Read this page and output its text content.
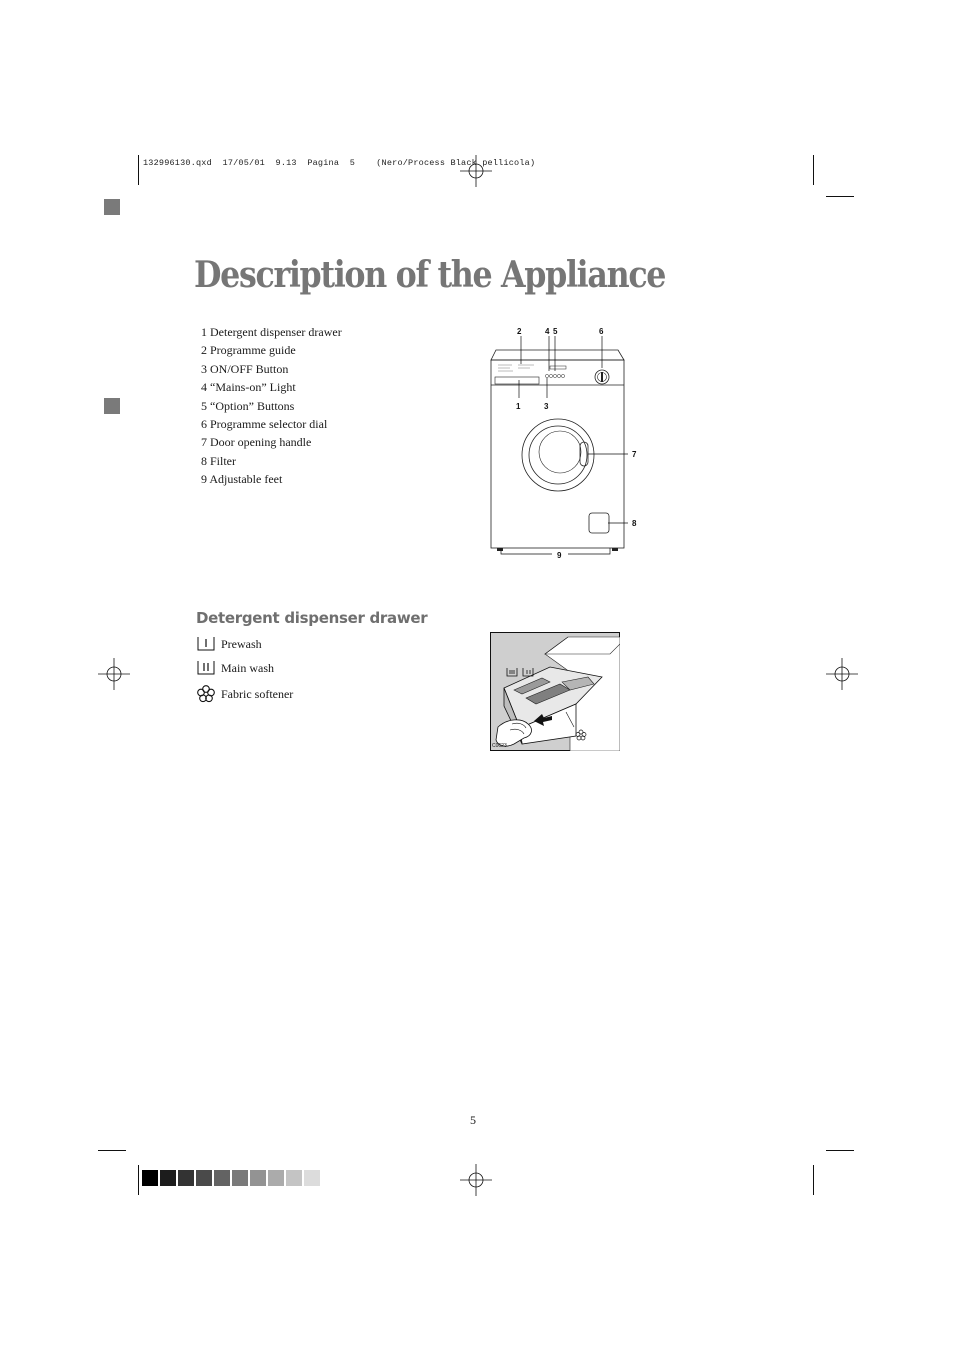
132996130.qxd  17/05/01  9.13  Pagina  5    (Nero/Process Black pellicola)
Description of the Appliance
1 Detergent dispenser drawer
2 Programme guide
3 ON/OFF Button
4 “Mains-on” Light
5 “Option” Buttons
6 Programme selector dial
7 Door opening handle
8 Filter
9 Adjustable feet
2	4 5	6
1	3
7
8
9
Detergent dispenser drawer
Prewash
Main wash
Fabric softener
C0623
5
